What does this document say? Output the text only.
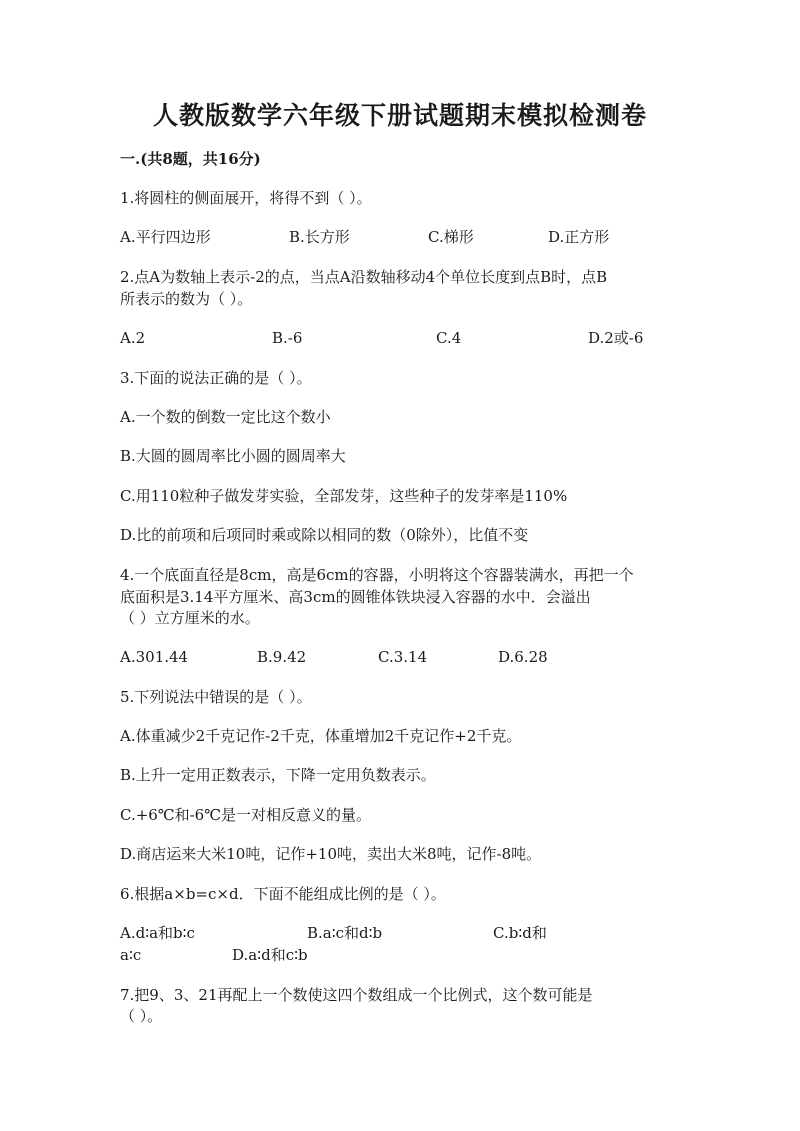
人教版数学六年级下册试题期末模拟检测卷
一.(共8题，共16分)
1.将圆柱的侧面展开，将得不到（ ）。
A.平行四边形	B.长方形	C.梯形	D.正方形
2.点A为数轴上表示-2的点，当点A沿数轴移动4个单位长度到点B时，点B
所表示的数为（ ）。
A.2	B.-6	C.4	D.2或-6
3.下面的说法正确的是（ ）。
A.一个数的倒数一定比这个数小
B.大圆的圆周率比小圆的圆周率大
C.用110粒种子做发芽实验，全部发芽，这些种子的发芽率是110%
D.比的前项和后项同时乘或除以相同的数（0除外），比值不变
4.一个底面直径是8cm，高是6cm的容器，小明将这个容器装满水，再把一个
底面积是3.14平方厘米、高3cm的圆锥体铁块浸入容器的水中．会溢出
（ ）立方厘米的水。
A.301.44	B.9.42	C.3.14	D.6.28
5.下列说法中错误的是（ ）。
A.体重减少2千克记作-2千克，体重增加2千克记作+2千克。
B.上升一定用正数表示，下降一定用负数表示。
C.+6℃和-6℃是一对相反意义的量。
D.商店运来大米10吨，记作+10吨，卖出大米8吨，记作-8吨。
6.根据a×b=c×d．下面不能组成比例的是（ ）。
A.d∶a和b∶c	B.a∶c和d∶b	C.b∶d和
a∶c	D.a∶d和c∶b
7.把9、3、21再配上一个数使这四个数组成一个比例式，这个数可能是
（ ）。
